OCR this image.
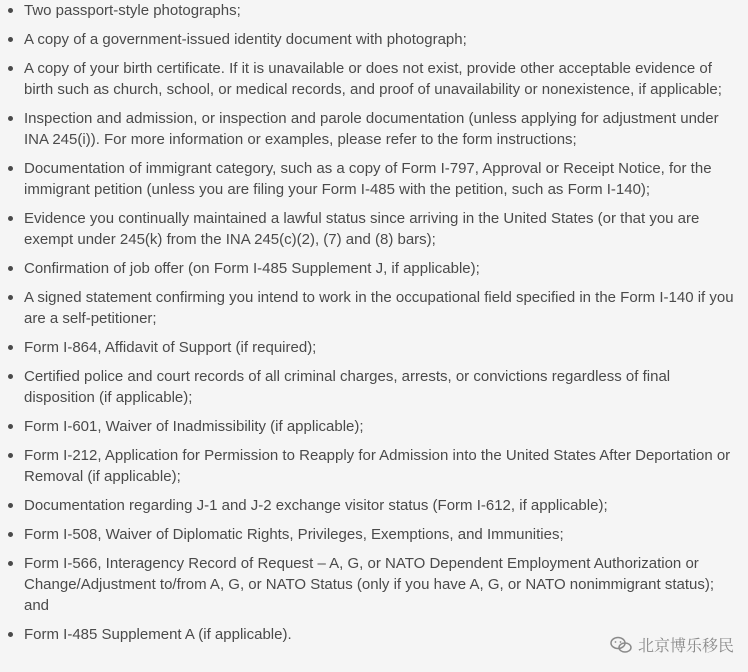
Two passport-style photographs;
A copy of a government-issued identity document with photograph;
A copy of your birth certificate. If it is unavailable or does not exist, provide other acceptable evidence of birth such as church, school, or medical records, and proof of unavailability or nonexistence, if applicable;
Inspection and admission, or inspection and parole documentation (unless applying for adjustment under INA 245(i)). For more information or examples, please refer to the form instructions;
Documentation of immigrant category, such as a copy of Form I-797, Approval or Receipt Notice, for the immigrant petition (unless you are filing your Form I-485 with the petition, such as Form I-140);
Evidence you continually maintained a lawful status since arriving in the United States (or that you are exempt under 245(k) from the INA 245(c)(2), (7) and (8) bars);
Confirmation of job offer (on Form I-485 Supplement J, if applicable);
A signed statement confirming you intend to work in the occupational field specified in the Form I-140 if you are a self-petitioner;
Form I-864, Affidavit of Support (if required);
Certified police and court records of all criminal charges, arrests, or convictions regardless of final disposition (if applicable);
Form I-601, Waiver of Inadmissibility (if applicable);
Form I-212, Application for Permission to Reapply for Admission into the United States After Deportation or Removal (if applicable);
Documentation regarding J-1 and J-2 exchange visitor status (Form I-612, if applicable);
Form I-508, Waiver of Diplomatic Rights, Privileges, Exemptions, and Immunities;
Form I-566, Interagency Record of Request – A, G, or NATO Dependent Employment Authorization or Change/Adjustment to/from A, G, or NATO Status (only if you have A, G, or NATO nonimmigrant status); and
Form I-485 Supplement A (if applicable).
北京博乐移民
